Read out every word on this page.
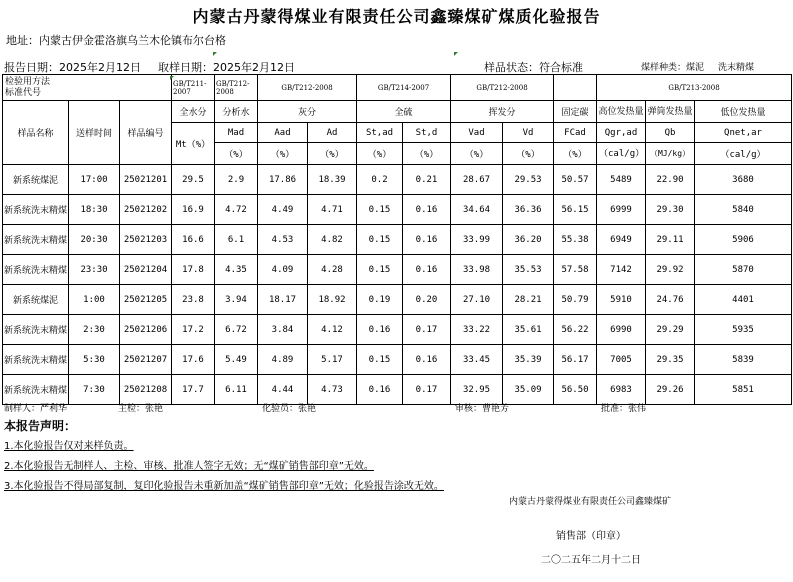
内蒙古丹蒙得煤业有限责任公司鑫臻煤矿煤质化验报告
地址：内蒙古伊金霍洛旗乌兰木伦镇布尔台格
报告日期：2025年2月12日 取样日期： 2025年2月12日	样品状态：符合标准	煤样种类：煤泥 洗末精煤
检验用方法
标准代号			GB/T211-2007	GB/T212-2008	GB/T212-2008		GB/T214-2007		GB/T212-2008			GB/T213-2008		
样品名称	送样时间	样品编号	全水分	分析水	灰分		全硫		挥发分		固定碳	高位发热量	弹筒发热量	低位发热量
			Mt（%）	Mad	Aad	Ad	St,ad	St,d	Vad	Vd	FCad	Qgr,ad	Qb	Qnet,ar
				（%）	（%）	（%）	（%）	（%）	（%）	（%）	（%）	（cal/g）	（MJ/kg）	（cal/g）
新系统煤泥	17:00	25021201	29.5	2.9	17.86	18.39	0.2	0.21	28.67	29.53	50.57	5489	22.90	3680
新系统洗末精煤	18:30	25021202	16.9	4.72	4.49	4.71	0.15	0.16	34.64	36.36	56.15	6999	29.30	5840
新系统洗末精煤	20:30	25021203	16.6	6.1	4.53	4.82	0.15	0.16	33.99	36.20	55.38	6949	29.11	5906
新系统洗末精煤	23:30	25021204	17.8	4.35	4.09	4.28	0.15	0.16	33.98	35.53	57.58	7142	29.92	5870
新系统煤泥	1:00	25021205	23.8	3.94	18.17	18.92	0.19	0.20	27.10	28.21	50.79	5910	24.76	4401
新系统洗末精煤	2:30	25021206	17.2	6.72	3.84	4.12	0.16	0.17	33.22	35.61	56.22	6990	29.29	5935
新系统洗末精煤	5:30	25021207	17.6	5.49	4.89	5.17	0.15	0.16	33.45	35.39	56.17	7005	29.35	5839
新系统洗末精煤	7:30	25021208	17.7	6.11	4.44	4.73	0.16	0.17	32.95	35.09	56.50	6983	29.26	5851
制样人：严利华	主检：张艳	化验员：张艳	审核：曹艳芳	批准：张伟
本报告声明：
1.本化验报告仅对来样负责。
2.本化验报告无制样人、主检、审核、批准人签字无效；无“煤矿销售部印章”无效。
3.本化验报告不得局部复制，复印化验报告未重新加盖“煤矿销售部印章”无效；化验报告涂改无效。
内蒙古丹蒙得煤业有限责任公司鑫臻煤矿
销售部（印章）
二〇二五年二月十二日
